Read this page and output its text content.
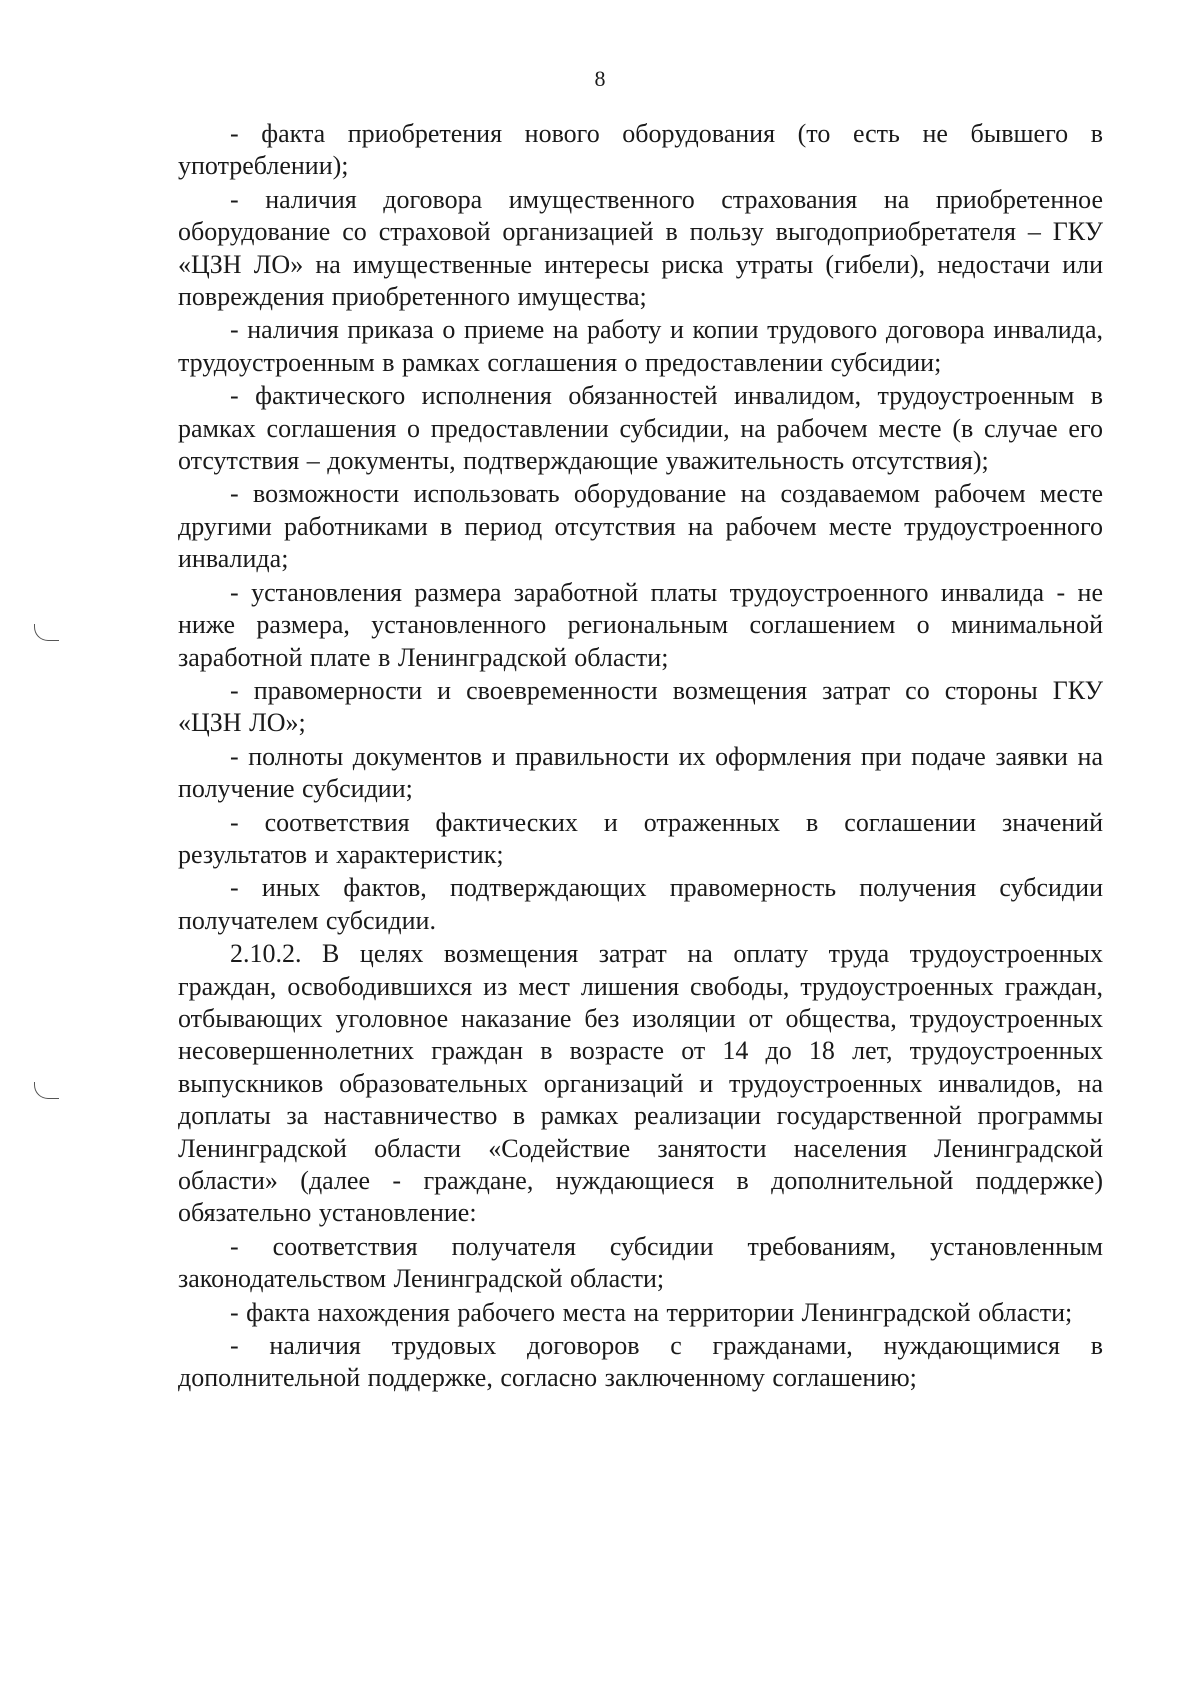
8

- факта приобретения нового оборудования (то есть не бывшего в употреблении);

- наличия договора имущественного страхования на приобретенное оборудование со страховой организацией в пользу выгодоприобретателя – ГКУ «ЦЗН ЛО» на имущественные интересы риска утраты (гибели), недостачи или повреждения приобретенного имущества;

- наличия приказа о приеме на работу и копии трудового договора инвалида, трудоустроенным в рамках соглашения о предоставлении субсидии;

- фактического исполнения обязанностей инвалидом, трудоустроенным в рамках соглашения о предоставлении субсидии, на рабочем месте (в случае его отсутствия – документы, подтверждающие уважительность отсутствия);

- возможности использовать оборудование на создаваемом рабочем месте другими работниками в период отсутствия на рабочем месте трудоустроенного инвалида;

- установления размера заработной платы трудоустроенного инвалида - не ниже размера, установленного региональным соглашением о минимальной заработной плате в Ленинградской области;

- правомерности и своевременности возмещения затрат со стороны ГКУ «ЦЗН ЛО»;

- полноты документов и правильности их оформления при подаче заявки на получение субсидии;

- соответствия фактических и отраженных в соглашении значений результатов и характеристик;

- иных фактов, подтверждающих правомерность получения субсидии получателем субсидии.

2.10.2. В целях возмещения затрат на оплату труда трудоустроенных граждан, освободившихся из мест лишения свободы, трудоустроенных граждан, отбывающих уголовное наказание без изоляции от общества, трудоустроенных несовершеннолетних граждан в возрасте от 14 до 18 лет, трудоустроенных выпускников образовательных организаций и трудоустроенных инвалидов, на доплаты за наставничество в рамках реализации государственной программы Ленинградской области «Содействие занятости населения Ленинградской области» (далее - граждане, нуждающиеся в дополнительной поддержке) обязательно установление:

- соответствия получателя субсидии требованиям, установленным законодательством Ленинградской области;

- факта нахождения рабочего места на территории Ленинградской области;

- наличия трудовых договоров с гражданами, нуждающимися в дополнительной поддержке, согласно заключенному соглашению;
